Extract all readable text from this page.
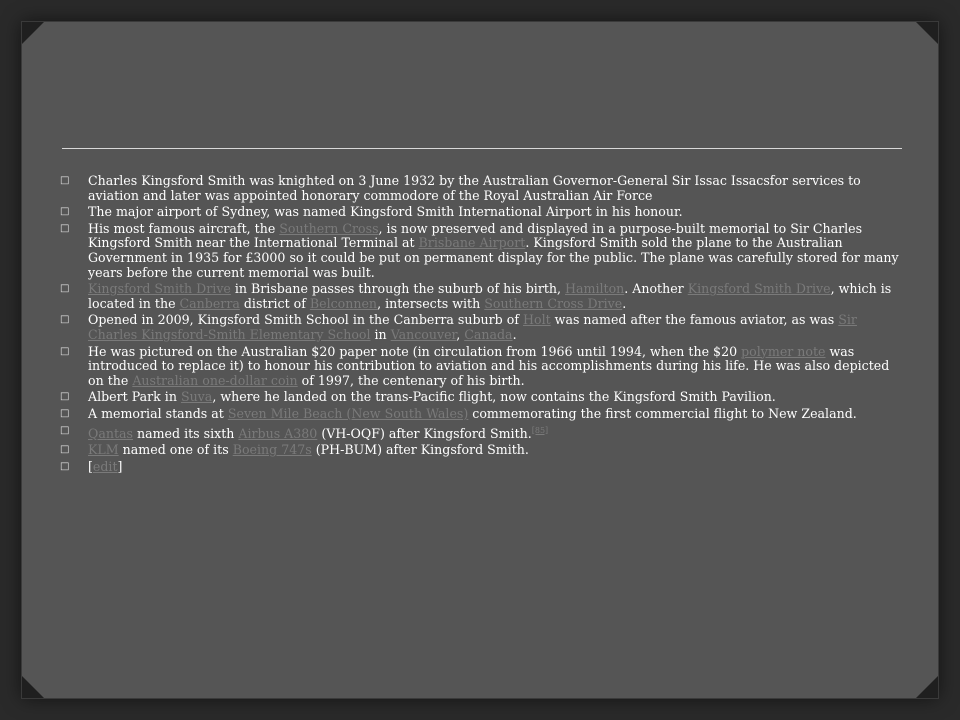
□ Charles Kingsford Smith was knighted on 3 June 1932 by the Australian Governor-General Sir Issac Issacsfor services to aviation and later was appointed honorary commodore of the Royal Australian Air Force
□ The major airport of Sydney, was named Kingsford Smith International Airport in his honour.
□ His most famous aircraft, the Southern Cross, is now preserved and displayed in a purpose-built memorial to Sir Charles Kingsford Smith near the International Terminal at Brisbane Airport. Kingsford Smith sold the plane to the Australian Government in 1935 for £3000 so it could be put on permanent display for the public. The plane was carefully stored for many years before the current memorial was built.
□ Kingsford Smith Drive in Brisbane passes through the suburb of his birth, Hamilton. Another Kingsford Smith Drive, which is located in the Canberra district of Belconnen, intersects with Southern Cross Drive.
□ Opened in 2009, Kingsford Smith School in the Canberra suburb of Holt was named after the famous aviator, as was Sir Charles Kingsford-Smith Elementary School in Vancouver, Canada.
□ He was pictured on the Australian $20 paper note (in circulation from 1966 until 1994, when the $20 polymer note was introduced to replace it) to honour his contribution to aviation and his accomplishments during his life. He was also depicted on the Australian one-dollar coin of 1997, the centenary of his birth.
□ Albert Park in Suva, where he landed on the trans-Pacific flight, now contains the Kingsford Smith Pavilion.
□ A memorial stands at Seven Mile Beach (New South Wales) commemorating the first commercial flight to New Zealand.
□ Qantas named its sixth Airbus A380 (VH-OQF) after Kingsford Smith.[85]
□ KLM named one of its Boeing 747s (PH-BUM) after Kingsford Smith.
□ [edit]
